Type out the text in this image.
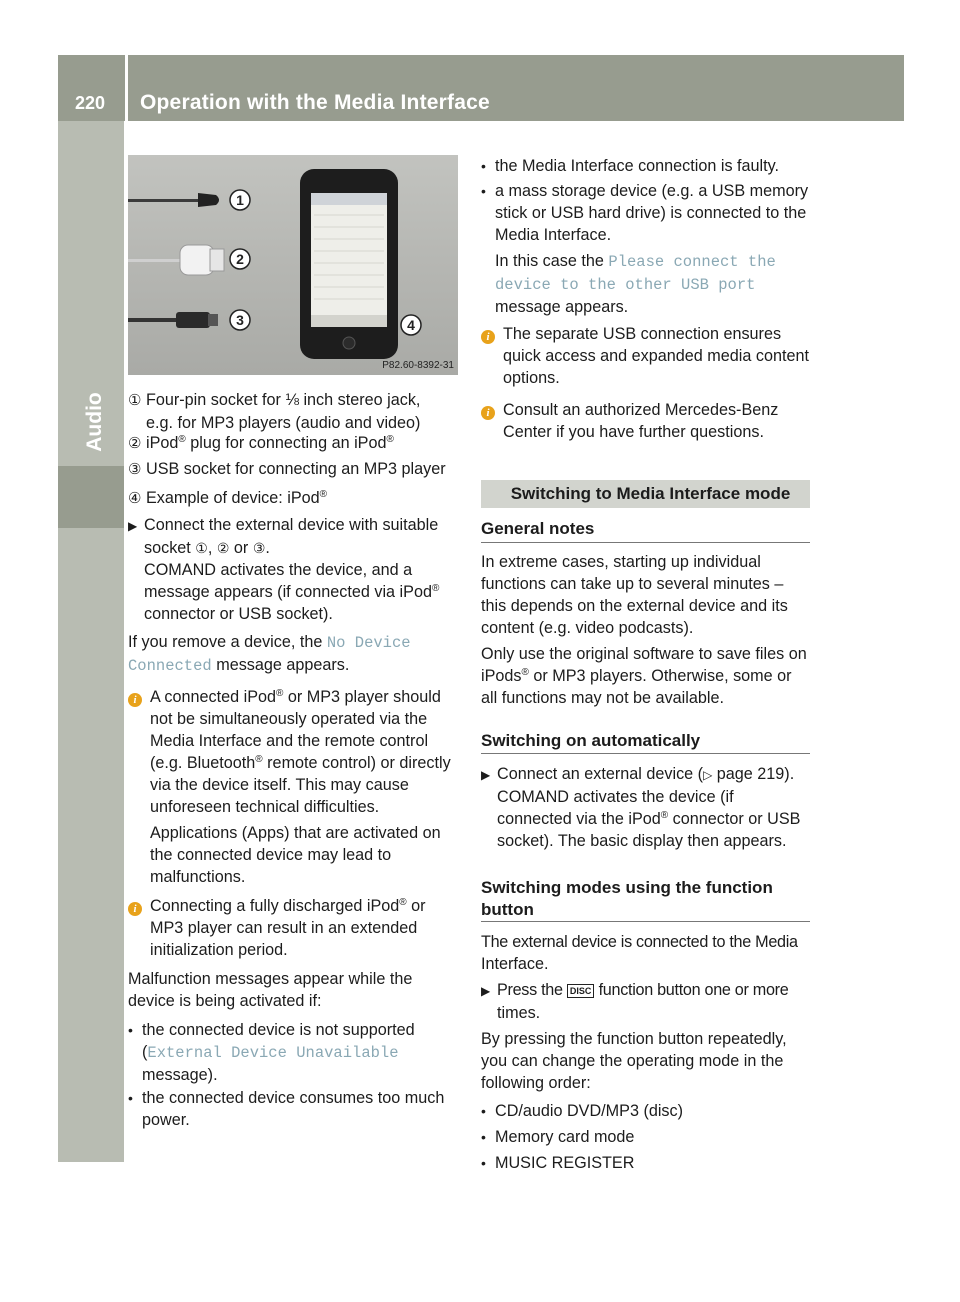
220	Operation with the Media Interface
Audio
1
2
3	4
P82.60-8392-31
① Four-pin socket for ⅛ inch stereo jack,
e.g. for MP3 players (audio and video)
② iPod® plug for connecting an iPod®
③ USB socket for connecting an MP3 player
④ Example of device: iPod®
▶ Connect the external device with suitable
socket ①, ② or ③.
COMAND activates the device, and a
message appears (if connected via iPod®
connector or USB socket).
If you remove a device, the No Device
Connected message appears.
i A connected iPod® or MP3 player should
not be simultaneously operated via the
Media Interface and the remote control
(e.g. Bluetooth® remote control) or directly
via the device itself. This may cause
unforeseen technical difficulties.
Applications (Apps) that are activated on
the connected device may lead to
malfunctions.
i Connecting a fully discharged iPod® or
MP3 player can result in an extended
initialization period.
Malfunction messages appear while the
device is being activated if:
• the connected device is not supported
(External Device Unavailable
message).
• the connected device consumes too much
power.
• the Media Interface connection is faulty.
• a mass storage device (e.g. a USB memory
stick or USB hard drive) is connected to the
Media Interface.
In this case the Please connect the
device to the other USB port
message appears.
i The separate USB connection ensures
quick access and expanded media content
options.
i Consult an authorized Mercedes-Benz
Center if you have further questions.
Switching to Media Interface mode
General notes
In extreme cases, starting up individual
functions can take up to several minutes –
this depends on the external device and its
content (e.g. video podcasts).
Only use the original software to save files on
iPods® or MP3 players. Otherwise, some or
all functions may not be available.
Switching on automatically
▶ Connect an external device (▷ page 219).
COMAND activates the device (if
connected via the iPod® connector or USB
socket). The basic display then appears.
Switching modes using the function
button
The external device is connected to the Media
Interface.
▶ Press the DISC function button one or more
times.
By pressing the function button repeatedly,
you can change the operating mode in the
following order:
• CD/audio DVD/MP3 (disc)
• Memory card mode
• MUSIC REGISTER
